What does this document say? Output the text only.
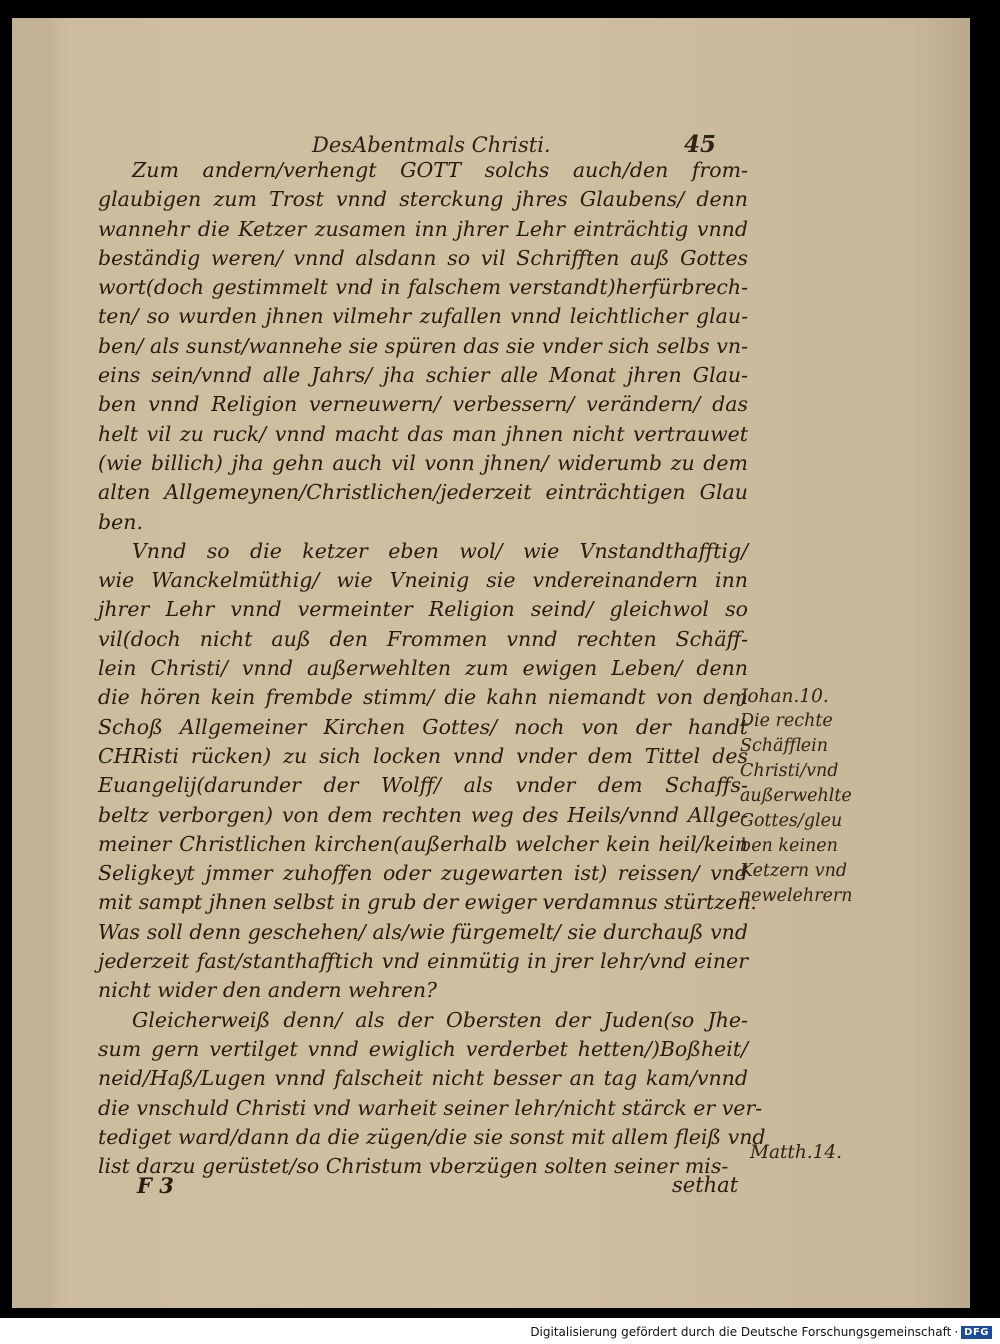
DesAbentmals Christi.	45
Zum andern/verhengt GOTT solchs auch/den from-
glaubigen zum Trost vnnd sterckung jhres Glaubens/ denn
wannehr die Ketzer zusamen inn jhrer Lehr einträchtig vnnd
beständig weren/ vnnd alsdann so vil Schrifften auß Gottes
wort(doch gestimmelt vnd in falschem verstandt)herfürbrech-
ten/ so wurden jhnen vilmehr zufallen vnnd leichtlicher glau-
ben/ als sunst/wannehe sie spüren das sie vnder sich selbs vn-
eins sein/vnnd alle Jahrs/ jha schier alle Monat jhren Glau-
ben vnnd Religion verneuwern/ verbessern/ verändern/ das
helt vil zu ruck/ vnnd macht das man jhnen nicht vertrauwet
(wie billich) jha gehn auch vil vonn jhnen/ widerumb zu dem
alten Allgemeynen/Christlichen/jederzeit einträchtigen Glau
ben.
Vnnd so die ketzer eben wol/ wie Vnstandthafftig/
wie Wanckelmüthig/ wie Vneinig sie vndereinandern inn
jhrer Lehr vnnd vermeinter Religion seind/ gleichwol so
vil(doch nicht auß den Frommen vnnd rechten Schäff-
lein Christi/ vnnd außerwehlten zum ewigen Leben/ denn
die hören kein frembde stimm/ die kahn niemandt von dem
Schoß Allgemeiner Kirchen Gottes/ noch von der handt
CHRisti rücken) zu sich locken vnnd vnder dem Tittel des
Euangelij(darunder der Wolff/ als vnder dem Schaffs-
beltz verborgen) von dem rechten weg des Heils/vnnd Allge-
meiner Christlichen kirchen(außerhalb welcher kein heil/kein
Seligkeyt jmmer zuhoffen oder zugewarten ist) reissen/ vnd
mit sampt jhnen selbst in grub der ewiger verdamnus stürtzen.
Was soll denn geschehen/ als/wie fürgemelt/ sie durchauß vnd
jederzeit fast/stanthafftich vnd einmütig in jrer lehr/vnd einer
nicht wider den andern wehren?
Gleicherweiß denn/ als der Obersten der Juden(so Jhe-
sum gern vertilget vnnd ewiglich verderbet hetten/)Boßheit/
neid/Haß/Lugen vnnd falscheit nicht besser an tag kam/vnnd
die vnschuld Christi vnd warheit seiner lehr/nicht stärck er ver-
tediget ward/dann da die zügen/die sie sonst mit allem fleiß vnd
list darzu gerüstet/so Christum vberzügen solten seiner mis-
Johan.10.
Die rechte
Schäfflein
Christi/vnd
außerwehlte
Gottes/gleu
ben keinen
Ketzern vnd
newelehrern
Matth.14.
F 3	sethat
Digitalisierung gefördert durch die Deutsche Forschungsgemeinschaft · DFG
